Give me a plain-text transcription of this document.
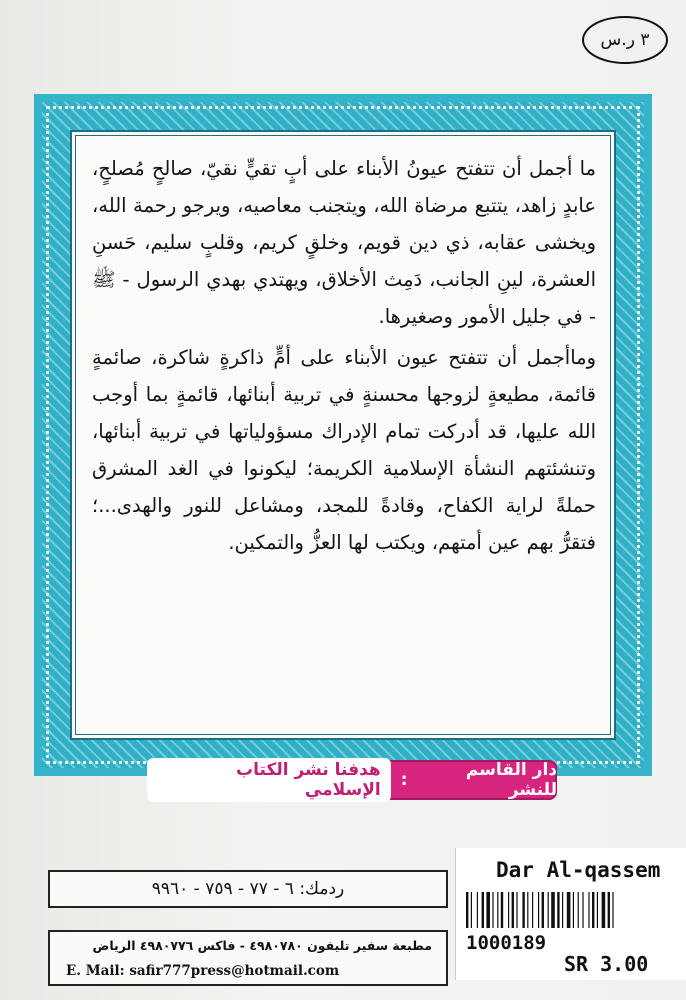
٣ ر.س

ما أجمل أن تتفتح عيونُ الأبناء على أبٍ تقيٍّ نقيّ، صالحٍ مُصلحٍ، عابدٍ زاهد، يتتبع مرضاة الله، ويتجنب معاصيه، ويرجو رحمة الله، ويخشى عقابه، ذي دين قويم، وخلقٍ كريم، وقلبٍ سليم، حَسنِ العشرة، لينِ الجانب، دَمِث الأخلاق، ويهتدي بهدي الرسول - ﷺ - في جليل الأمور وصغيرها.

وماأجمل أن تتفتح عيون الأبناء على أمٍّ ذاكرةٍ شاكرة، صائمةٍ قائمة، مطيعةٍ لزوجها محسنةٍ في تربية أبنائها، قائمةٍ بما أوجب الله عليها، قد أدركت تمام الإدراك مسؤولياتها في تربية أبنائها، وتنشئتهم النشأة الإسلامية الكريمة؛ ليكونوا في الغد المشرق حملةً لراية الكفاح، وقادةً للمجد، ومشاعل للنور والهدى...؛ فتقرُّ بهم عين أمتهم، ويكتب لها العزُّ والتمكين.

دار القاسم للنشر
:
هدفنا نشر الكتاب الإسلامي
ردمك: ٦ - ٧٧ - ٧٥٩ - ٩٩٦٠
مطبعة سفير تليفون ٤٩٨٠٧٨٠ - فاكس ٤٩٨٠٧٧٦ الرياض
E. Mail: safir777press@hotmail.com
Dar Al-qassem
1000189
SR 3.00
